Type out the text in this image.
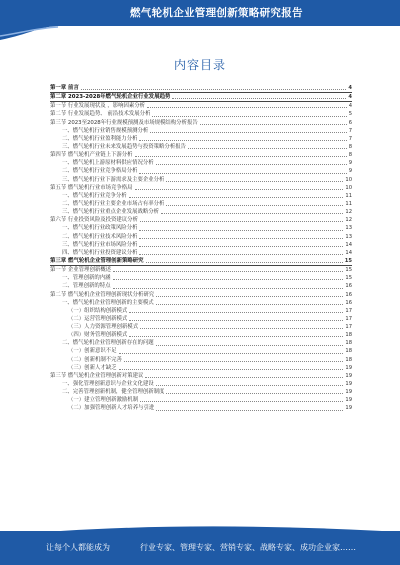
燃气轮机企业管理创新策略研究报告
内容目录
第一章 前言	4
第二章 2023-2028年燃气轮机企业行业发展趋势	4
第一节 行业发展现状及 ，影响因素分析	4
第二节 行业发展趋势、 前沿技术发展分析	5
第三节 2023至2028年行业规模预测及市场规模结构分析报告	6
一、燃气轮机行业销售规模预测分析	7
二、燃气轮机行业盈利能力分析	7
三、燃气轮机行业未来发展趋势与投资策略分析报告	8
第四节 燃气轮机产业链上下游分析	8
一、燃气轮机上游原材料供应情况分析	9
二、燃气轮机行业竞争格局分析	9
三、燃气轮机行业下游需求及主要企业分析	10
第五节 燃气轮机行业市场竞争格局	10
一、燃气轮机行业竞争分析	11
二、燃气轮机行业主要企业市场占有率分析	11
三、燃气轮机行业重点企业发展战略分析	12
第六节 行业投资风险及投资建议分析	12
一、燃气轮机行业政策风险分析	13
二、燃气轮机行业技术风险分析	13
三、燃气轮机行业市场风险分析	14
四、燃气轮机行业投资建议分析	14
第三章 燃气轮机企业管理创新策略研究	15
第一节 企业管理创新概述	15
一、管理创新的内涵	15
二、管理创新的特点	16
第二节 燃气轮机企业管理创新现状分析研究	16
一、燃气轮机企业管理创新的主要模式	16
（一）组织结构创新模式	17
（二）运营管理创新模式	17
（三）人力资源管理创新模式	17
（四）财务管理创新模式	18
二、燃气轮机企业管理创新存在的问题	18
（一）创新意识不足	18
（二）创新机制不完善	18
（三）创新人才缺乏	19
第三节 燃气轮机企业管理创新对策建议	19
一、强化管理创新意识与企业文化建设	19
二、完善管理创新机制，健全管理创新制度	19
（一）建立管理创新激励机制	19
（二）加强管理创新人才培养与引进	19
让每个人都能成为	行业专家、管理专家、营销专家、战略专家、成功企业家……
